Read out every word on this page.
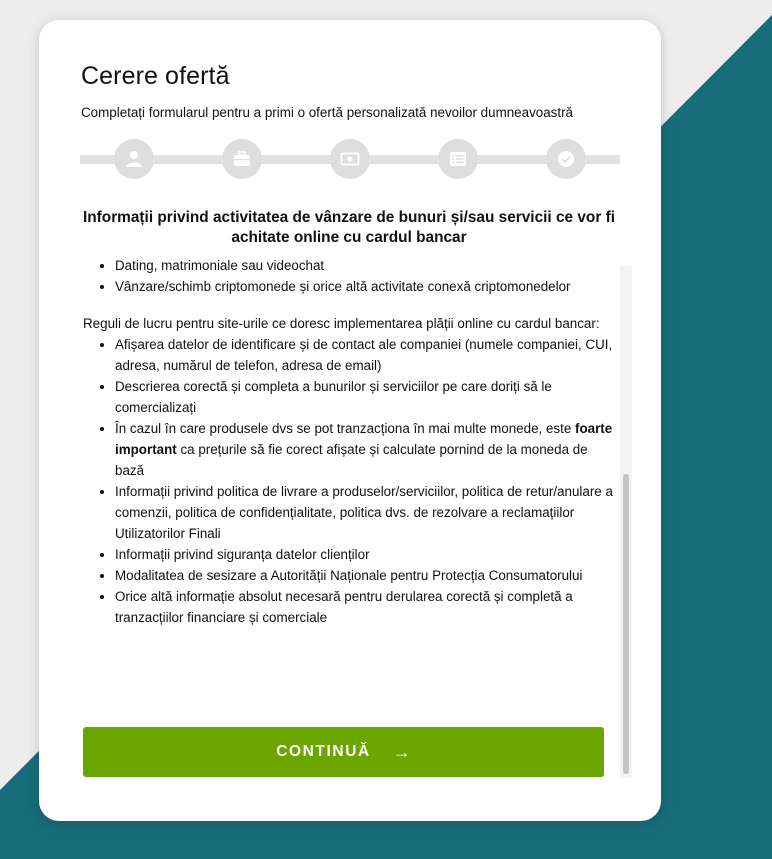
Cerere ofertă

Completați formularul pentru a primi o ofertă personalizată nevoilor dumneavoastră

Informații privind activitatea de vânzare de bunuri și/sau servicii ce vor fi achitate online cu cardul bancar
• Dating, matrimoniale sau videochat
• Vânzare/schimb criptomonede și orice altă activitate conexă criptomonedelor

Reguli de lucru pentru site-urile ce doresc implementarea plății online cu cardul bancar:

• Afișarea datelor de identificare și de contact ale companiei (numele companiei, CUI, adresa, numărul de telefon, adresa de email)
• Descrierea corectă și completa a bunurilor și serviciilor pe care doriți să le comercializați
• În cazul în care produsele dvs se pot tranzacționa în mai multe monede, este foarte important ca prețurile să fie corect afișate și calculate pornind de la moneda de bază
• Informații privind politica de livrare a produselor/serviciilor, politica de retur/anulare a comenzii, politica de confidențialitate, politica dvs. de rezolvare a reclamațiilor Utilizatorilor Finali
• Informații privind siguranța datelor clienților
• Modalitatea de sesizare a Autorității Naționale pentru Protecția Consumatorului
• Orice altă informație absolut necesară pentru derularea corectă și completă a tranzacțiilor financiare și comerciale
CONTINUĂ →
